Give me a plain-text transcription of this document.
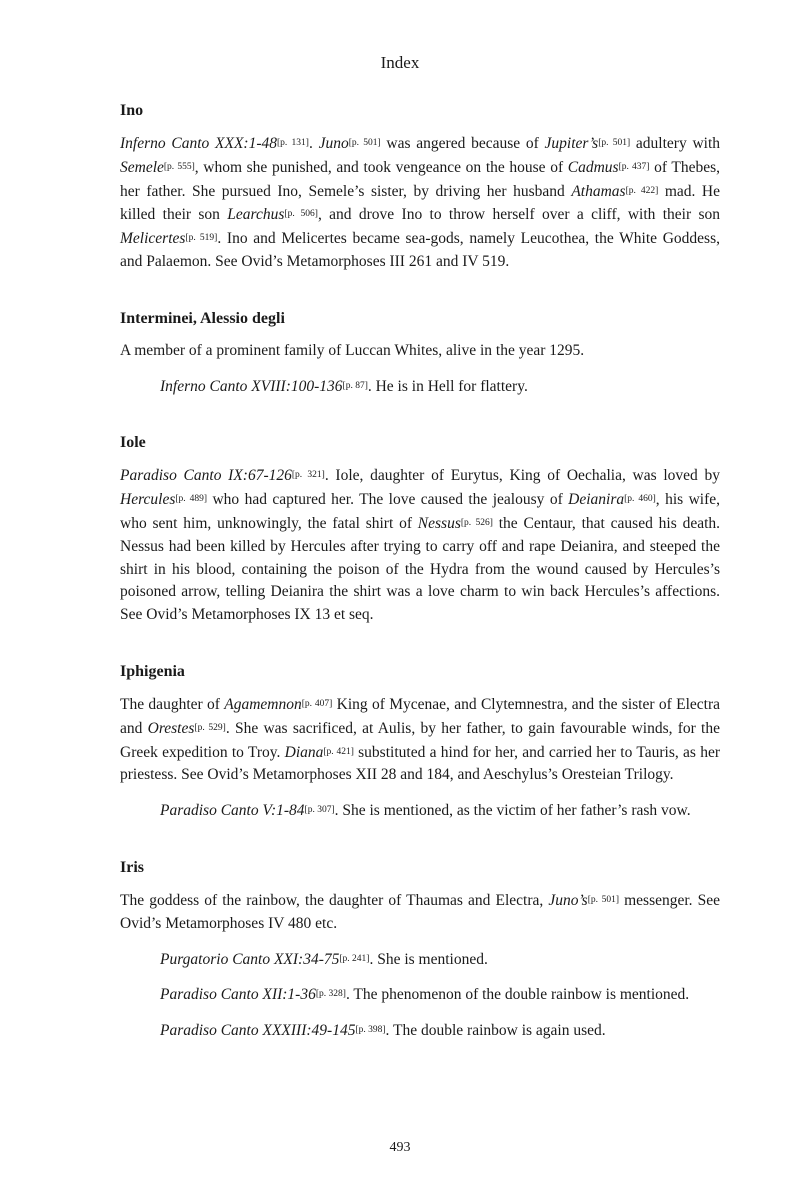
Index
Ino

Inferno Canto XXX:1-48[p. 131]. Juno[p. 501] was angered because of Jupiter’s[p. 501] adultery with Semele[p. 555], whom she punished, and took vengeance on the house of Cadmus[p. 437] of Thebes, her father. She pursued Ino, Semele’s sister, by driving her husband Athamas[p. 422] mad. He killed their son Learchus[p. 506], and drove Ino to throw herself over a cliff, with their son Melicertes[p. 519]. Ino and Melicertes became sea-gods, namely Leucothea, the White Goddess, and Palaemon. See Ovid’s Metamorphoses III 261 and IV 519.

Interminei, Alessio degli

A member of a prominent family of Luccan Whites, alive in the year 1295.

Inferno Canto XVIII:100-136[p. 87]. He is in Hell for flattery.

Iole

Paradiso Canto IX:67-126[p. 321]. Iole, daughter of Eurytus, King of Oechalia, was loved by Hercules[p. 489] who had captured her. The love caused the jealousy of Deianira[p. 460], his wife, who sent him, unknowingly, the fatal shirt of Nessus[p. 526] the Centaur, that caused his death. Nessus had been killed by Hercules after trying to carry off and rape Deianira, and steeped the shirt in his blood, containing the poison of the Hydra from the wound caused by Hercules’s poisoned arrow, telling Deianira the shirt was a love charm to win back Hercules’s affections. See Ovid’s Metamorphoses IX 13 et seq.

Iphigenia

The daughter of Agamemnon[p. 407] King of Mycenae, and Clytemnestra, and the sister of Electra and Orestes[p. 529]. She was sacrificed, at Aulis, by her father, to gain favourable winds, for the Greek expedition to Troy. Diana[p. 421] substituted a hind for her, and carried her to Tauris, as her priestess. See Ovid’s Metamorphoses XII 28 and 184, and Aeschylus’s Oresteian Trilogy.

Paradiso Canto V:1-84[p. 307]. She is mentioned, as the victim of her father’s rash vow.

Iris

The goddess of the rainbow, the daughter of Thaumas and Electra, Juno’s[p. 501] messenger. See Ovid’s Metamorphoses IV 480 etc.

Purgatorio Canto XXI:34-75[p. 241]. She is mentioned.

Paradiso Canto XII:1-36[p. 328]. The phenomenon of the double rainbow is mentioned.

Paradiso Canto XXXIII:49-145[p. 398]. The double rainbow is again used.

493
